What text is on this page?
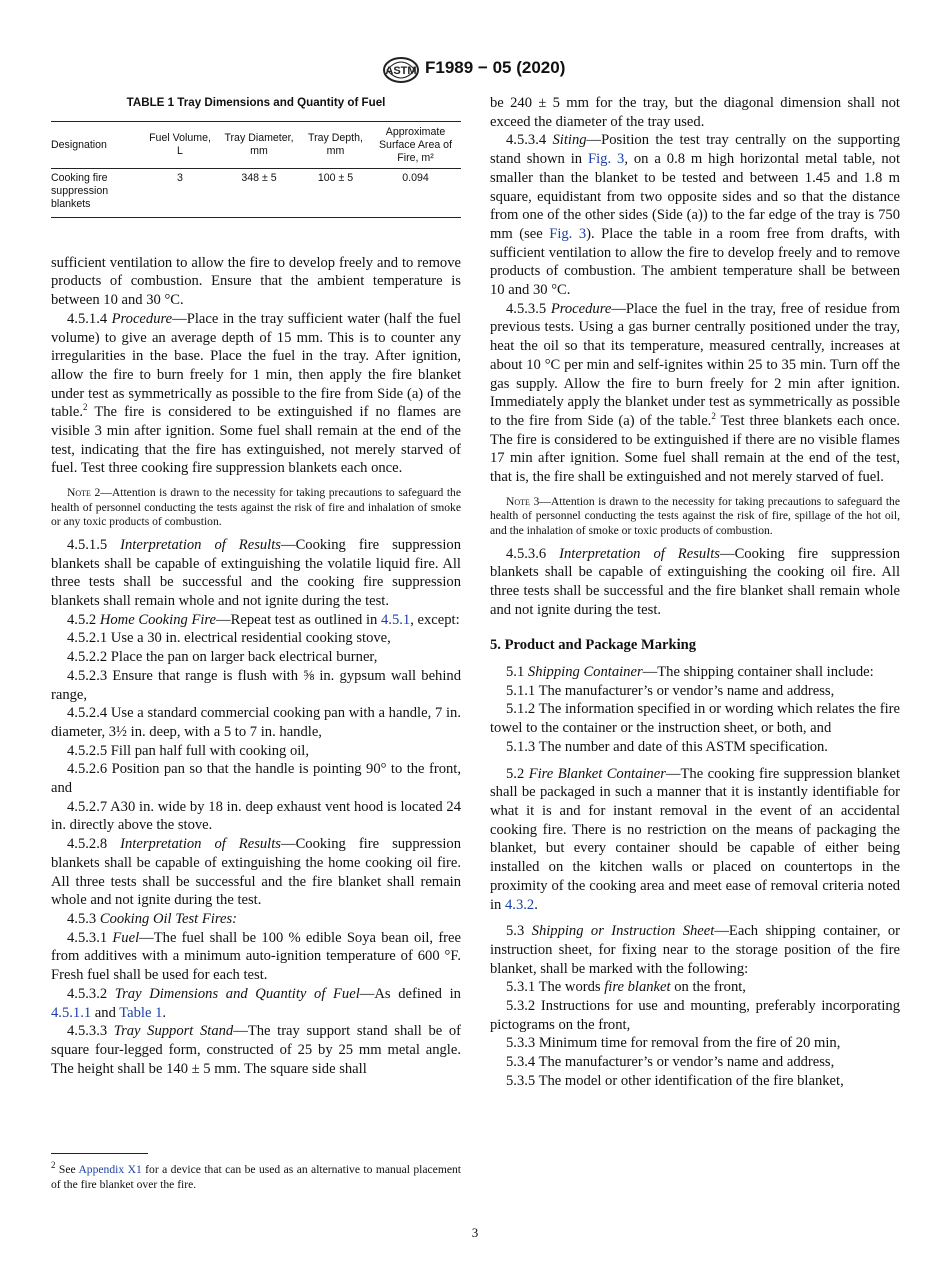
ASTM F1989 − 05 (2020)
TABLE 1 Tray Dimensions and Quantity of Fuel
Designation	Fuel Volume, L	Tray Diameter, mm	Tray Depth, mm	Approximate Surface Area of Fire, m²
Cooking fire suppression blankets	3	348 ± 5	100 ± 5	0.094

sufficient ventilation to allow the fire to develop freely and to remove products of combustion. Ensure that the ambient temperature is between 10 and 30 °C.

4.5.1.4 Procedure—Place in the tray sufficient water (half the fuel volume) to give an average depth of 15 mm. This is to counter any irregularities in the base. Place the fuel in the tray. After ignition, allow the fire to burn freely for 1 min, then apply the fire blanket under test as symmetrically as possible to the fire from Side (a) of the table.$^2$ The fire is considered to be extinguished if no flames are visible 3 min after ignition. Some fuel shall remain at the end of the test, indicating that the fire has extinguished, not merely starved of fuel. Test three cooking fire suppression blankets each once.

Note 2—Attention is drawn to the necessity for taking precautions to safeguard the health of personnel conducting the tests against the risk of fire and inhalation of smoke or any toxic products of combustion.

4.5.1.5 Interpretation of Results—Cooking fire suppression blankets shall be capable of extinguishing the volatile liquid fire. All three tests shall be successful and the cooking fire suppression blankets shall remain whole and not ignite during the test.

4.5.2 Home Cooking Fire—Repeat test as outlined in 4.5.1, except:

4.5.2.1 Use a 30 in. electrical residential cooking stove,

4.5.2.2 Place the pan on larger back electrical burner,

4.5.2.3 Ensure that range is flush with ⅝ in. gypsum wall behind range,

4.5.2.4 Use a standard commercial cooking pan with a handle, 7 in. diameter, 3½ in. deep, with a 5 to 7 in. handle,

4.5.2.5 Fill pan half full with cooking oil,

4.5.2.6 Position pan so that the handle is pointing 90° to the front, and

4.5.2.7 A30 in. wide by 18 in. deep exhaust vent hood is located 24 in. directly above the stove.

4.5.2.8 Interpretation of Results—Cooking fire suppression blankets shall be capable of extinguishing the home cooking oil fire. All three tests shall be successful and the fire blanket shall remain whole and not ignite during the test.

4.5.3 Cooking Oil Test Fires:

4.5.3.1 Fuel—The fuel shall be 100 % edible Soya bean oil, free from additives with a minimum auto-ignition temperature of 600 °F. Fresh fuel shall be used for each test.

4.5.3.2 Tray Dimensions and Quantity of Fuel—As defined in 4.5.1.1 and Table 1.

4.5.3.3 Tray Support Stand—The tray support stand shall be of square four-legged form, constructed of 25 by 25 mm metal angle. The height shall be 140 ± 5 mm. The square side shall

be 240 ± 5 mm for the tray, but the diagonal dimension shall not exceed the diameter of the tray used.

4.5.3.4 Siting—Position the test tray centrally on the supporting stand shown in Fig. 3, on a 0.8 m high horizontal metal table, not smaller than the blanket to be tested and between 1.45 and 1.8 m square, equidistant from two opposite sides and so that the distance from one of the other sides (Side (a)) to the far edge of the tray is 750 mm (see Fig. 3). Place the table in a room free from drafts, with sufficient ventilation to allow the fire to develop freely and to remove products of combustion. The ambient temperature shall be between 10 and 30 °C.

4.5.3.5 Procedure—Place the fuel in the tray, free of residue from previous tests. Using a gas burner centrally positioned under the tray, heat the oil so that its temperature, measured centrally, increases at about 10 °C per min and self-ignites within 25 to 35 min. Turn off the gas supply. Allow the fire to burn freely for 2 min after ignition. Immediately apply the blanket under test as symmetrically as possible to the fire from Side (a) of the table.$^2$ Test three blankets each once. The fire is considered to be extinguished if there are no visible flames 17 min after ignition. Some fuel shall remain at the end of the test, that is, the fire shall be extinguished and not merely starved of fuel.

Note 3—Attention is drawn to the necessity for taking precautions to safeguard the health of personnel conducting the tests against the risk of fire, spillage of the hot oil, and the inhalation of smoke or toxic products of combustion.

4.5.3.6 Interpretation of Results—Cooking fire suppression blankets shall be capable of extinguishing the cooking oil fire. All three tests shall be successful and the fire blanket shall remain whole and not ignite during the test.

5. Product and Package Marking

5.1 Shipping Container—The shipping container shall include:

5.1.1 The manufacturer’s or vendor’s name and address,

5.1.2 The information specified in or wording which relates the fire towel to the container or the instruction sheet, or both, and

5.1.3 The number and date of this ASTM specification.

5.2 Fire Blanket Container—The cooking fire suppression blanket shall be packaged in such a manner that it is instantly identifiable for what it is and for instant removal in the event of an accidental cooking fire. There is no restriction on the means of packaging the blanket, but every container should be capable of either being installed on the kitchen walls or placed on countertops in the proximity of the cooking area and meet ease of removal criteria noted in 4.3.2.

5.3 Shipping or Instruction Sheet—Each shipping container, or instruction sheet, for fixing near to the storage position of the fire blanket, shall be marked with the following:

5.3.1 The words fire blanket on the front,

5.3.2 Instructions for use and mounting, preferably incorporating pictograms on the front,

5.3.3 Minimum time for removal from the fire of 20 min,

5.3.4 The manufacturer’s or vendor’s name and address,

5.3.5 The model or other identification of the fire blanket,

$^2$ See Appendix X1 for a device that can be used as an alternative to manual placement of the fire blanket over the fire.
3
